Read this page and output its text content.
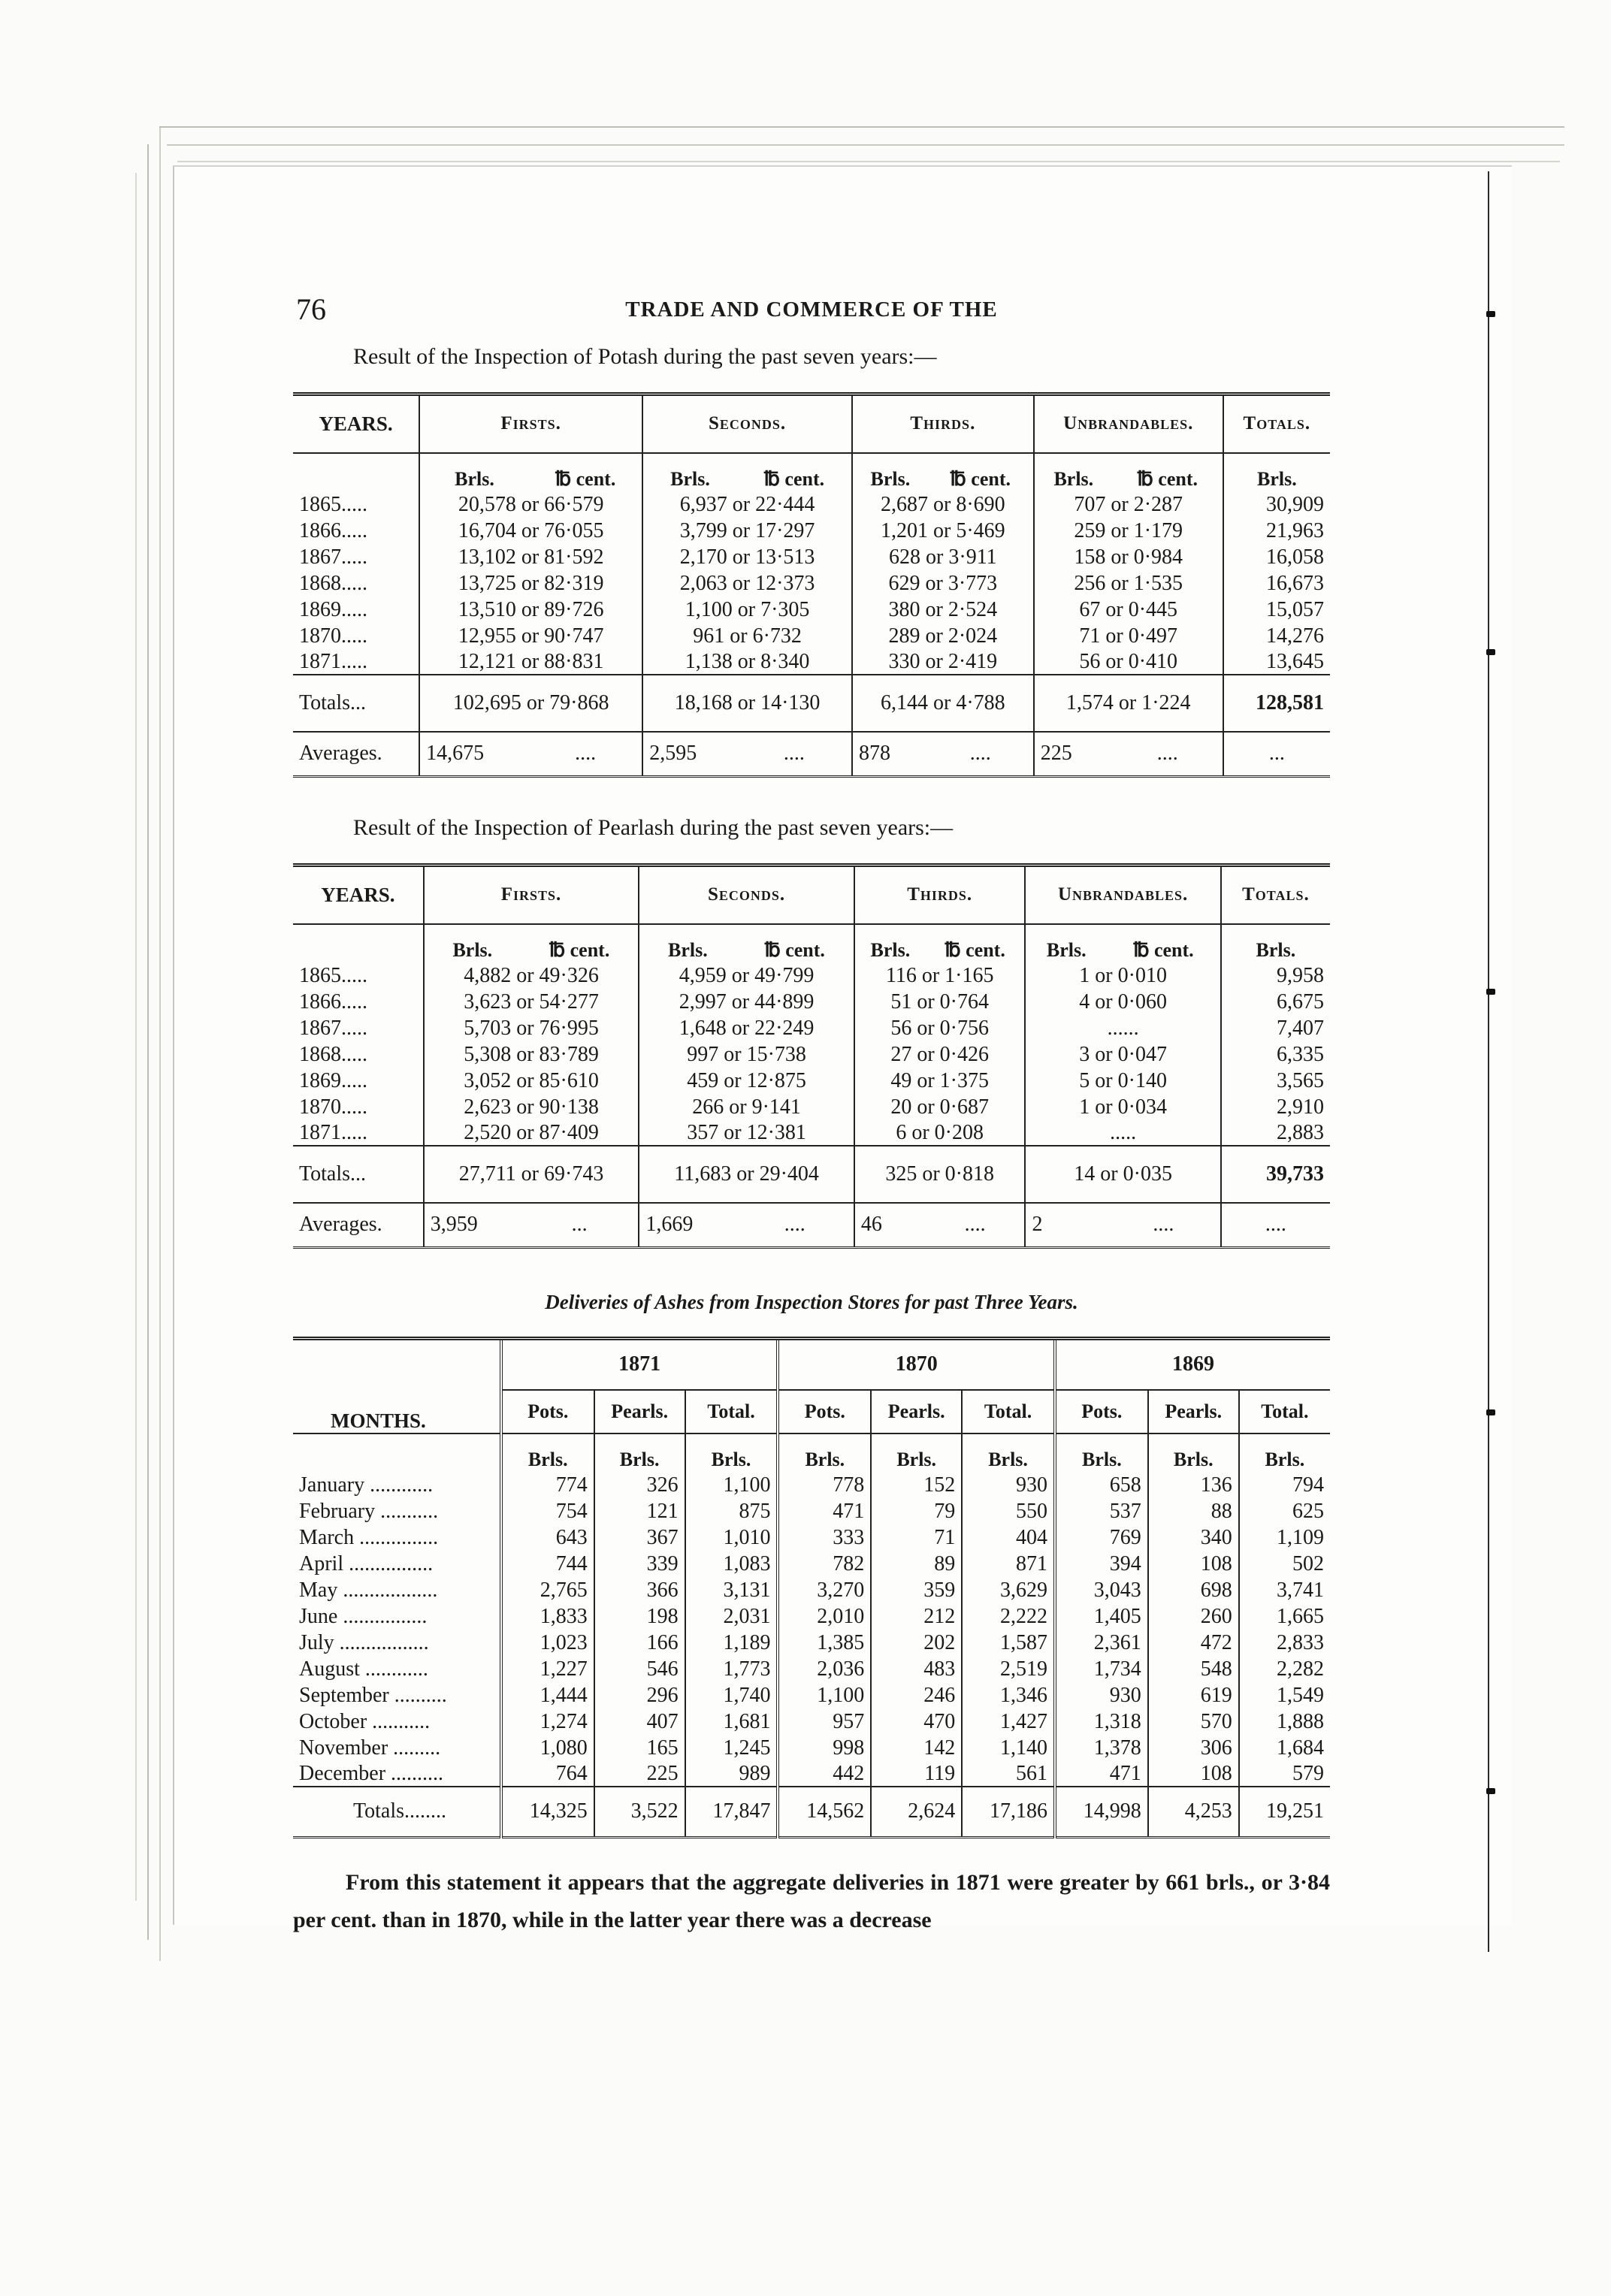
76	TRADE AND COMMERCE OF THE
Result of the Inspection of Potash during the past seven years:—
YEARS.	Firsts.		Seconds.		Thirds.		Unbrandables.		Totals.
	Brls.	℔ cent.	Brls.	℔ cent.	Brls.	℔ cent.	Brls.	℔ cent.	Brls.
1865.....	20,578 or 66·579		6,937 or 22·444		2,687 or 8·690		707 or 2·287		30,909
1866.....	16,704 or 76·055		3,799 or 17·297		1,201 or 5·469		259 or 1·179		21,963
1867.....	13,102 or 81·592		2,170 or 13·513		628 or 3·911		158 or 0·984		16,058
1868.....	13,725 or 82·319		2,063 or 12·373		629 or 3·773		256 or 1·535		16,673
1869.....	13,510 or 89·726		1,100 or 7·305		380 or 2·524		67 or 0·445		15,057
1870.....	12,955 or 90·747		961 or 6·732		289 or 2·024		71 or 0·497		14,276
1871.....	12,121 or 88·831		1,138 or 8·340		330 or 2·419		56 or 0·410		13,645
Totals...	102,695 or 79·868		18,168 or 14·130		6,144 or 4·788		1,574 or 1·224		128,581
Averages.	14,675	....	2,595	....	878	....	225	....	...
Result of the Inspection of Pearlash during the past seven years:—
YEARS.	Firsts.		Seconds.		Thirds.		Unbrandables.		Totals.
	Brls.	℔ cent.	Brls.	℔ cent.	Brls.	℔ cent.	Brls.	℔ cent.	Brls.
1865.....	4,882 or 49·326		4,959 or 49·799		116 or 1·165		1 or 0·010		9,958
1866.....	3,623 or 54·277		2,997 or 44·899		51 or 0·764		4 or 0·060		6,675
1867.....	5,703 or 76·995		1,648 or 22·249		56 or 0·756		......		7,407
1868.....	5,308 or 83·789		997 or 15·738		27 or 0·426		3 or 0·047		6,335
1869.....	3,052 or 85·610		459 or 12·875		49 or 1·375		5 or 0·140		3,565
1870.....	2,623 or 90·138		266 or 9·141		20 or 0·687		1 or 0·034		2,910
1871.....	2,520 or 87·409		357 or 12·381		6 or 0·208		.....		2,883
Totals...	27,711 or 69·743		11,683 or 29·404		325 or 0·818		14 or 0·035		39,733
Averages.	3,959	...	1,669	....	46	....	2	....	....
Deliveries of Ashes from Inspection Stores for past Three Years.
MONTHS.	1871			1870			1869		
	Pots.	Pearls.	Total.	Pots.	Pearls.	Total.	Pots.	Pearls.	Total.
	Brls.	Brls.	Brls.	Brls.	Brls.	Brls.	Brls.	Brls.	Brls.
January ............	774	326	1,100	778	152	930	658	136	794
February ...........	754	121	875	471	79	550	537	88	625
March ...............	643	367	1,010	333	71	404	769	340	1,109
April ................	744	339	1,083	782	89	871	394	108	502
May ..................	2,765	366	3,131	3,270	359	3,629	3,043	698	3,741
June ................	1,833	198	2,031	2,010	212	2,222	1,405	260	1,665
July .................	1,023	166	1,189	1,385	202	1,587	2,361	472	2,833
August ............	1,227	546	1,773	2,036	483	2,519	1,734	548	2,282
September ..........	1,444	296	1,740	1,100	246	1,346	930	619	1,549
October ...........	1,274	407	1,681	957	470	1,427	1,318	570	1,888
November .........	1,080	165	1,245	998	142	1,140	1,378	306	1,684
December ..........	764	225	989	442	119	561	471	108	579
Totals........	14,325	3,522	17,847	14,562	2,624	17,186	14,998	4,253	19,251
From this statement it appears that the aggregate deliveries in 1871 were greater by 661 brls., or 3·84 per cent. than in 1870, while in the latter year there was a decrease
